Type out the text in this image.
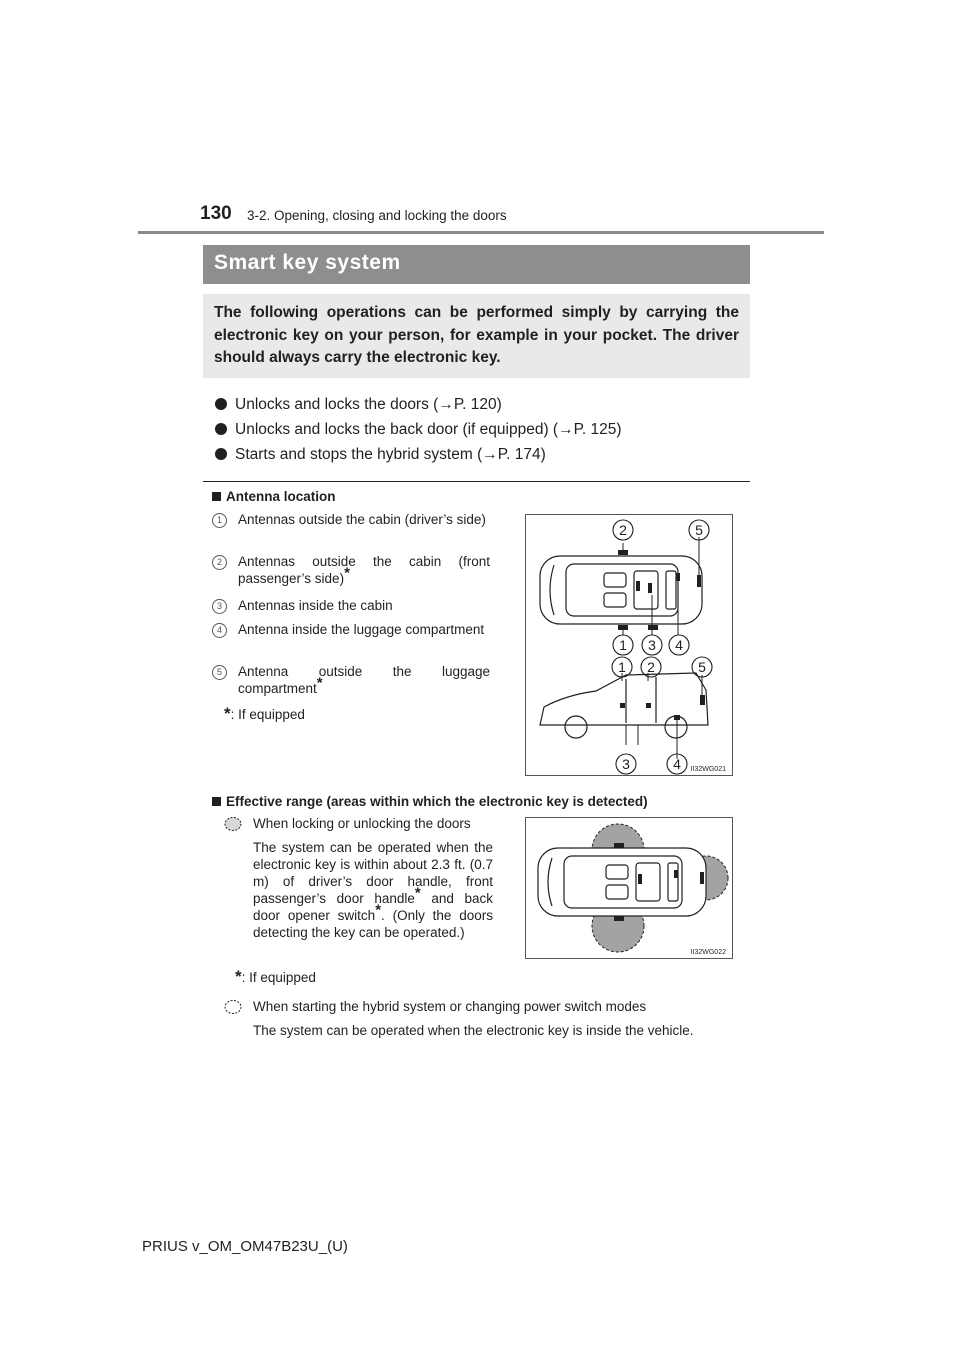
130 3-2. Opening, closing and locking the doors
Smart key system
The following operations can be performed simply by carrying the electronic key on your person, for example in your pocket. The driver should always carry the electronic key.
Unlocks and locks the doors (→P. 120)
Unlocks and locks the back door (if equipped) (→P. 125)
Starts and stops the hybrid system (→P. 174)
Antenna location
1	Antennas outside the cabin (driver’s side)
2	Antennas outside the cabin (front passenger’s side)*
3	Antennas inside the cabin
4	Antenna inside the luggage compartment
5	Antenna outside the luggage compartment*
*: If equipped
2	5
1 3 4
1 2	5
3	4 II32WG021
Effective range (areas within which the electronic key is detected)
When locking or unlocking the doors
The system can be operated when the electronic key is within about 2.3 ft. (0.7 m) of driver’s door handle, front passenger’s door handle* and back door opener switch*. (Only the doors detecting the key can be operated.)
*: If equipped
When starting the hybrid system or changing power switch modes
The system can be operated when the electronic key is inside the vehicle.
II32WG022
PRIUS v_OM_OM47B23U_(U)
